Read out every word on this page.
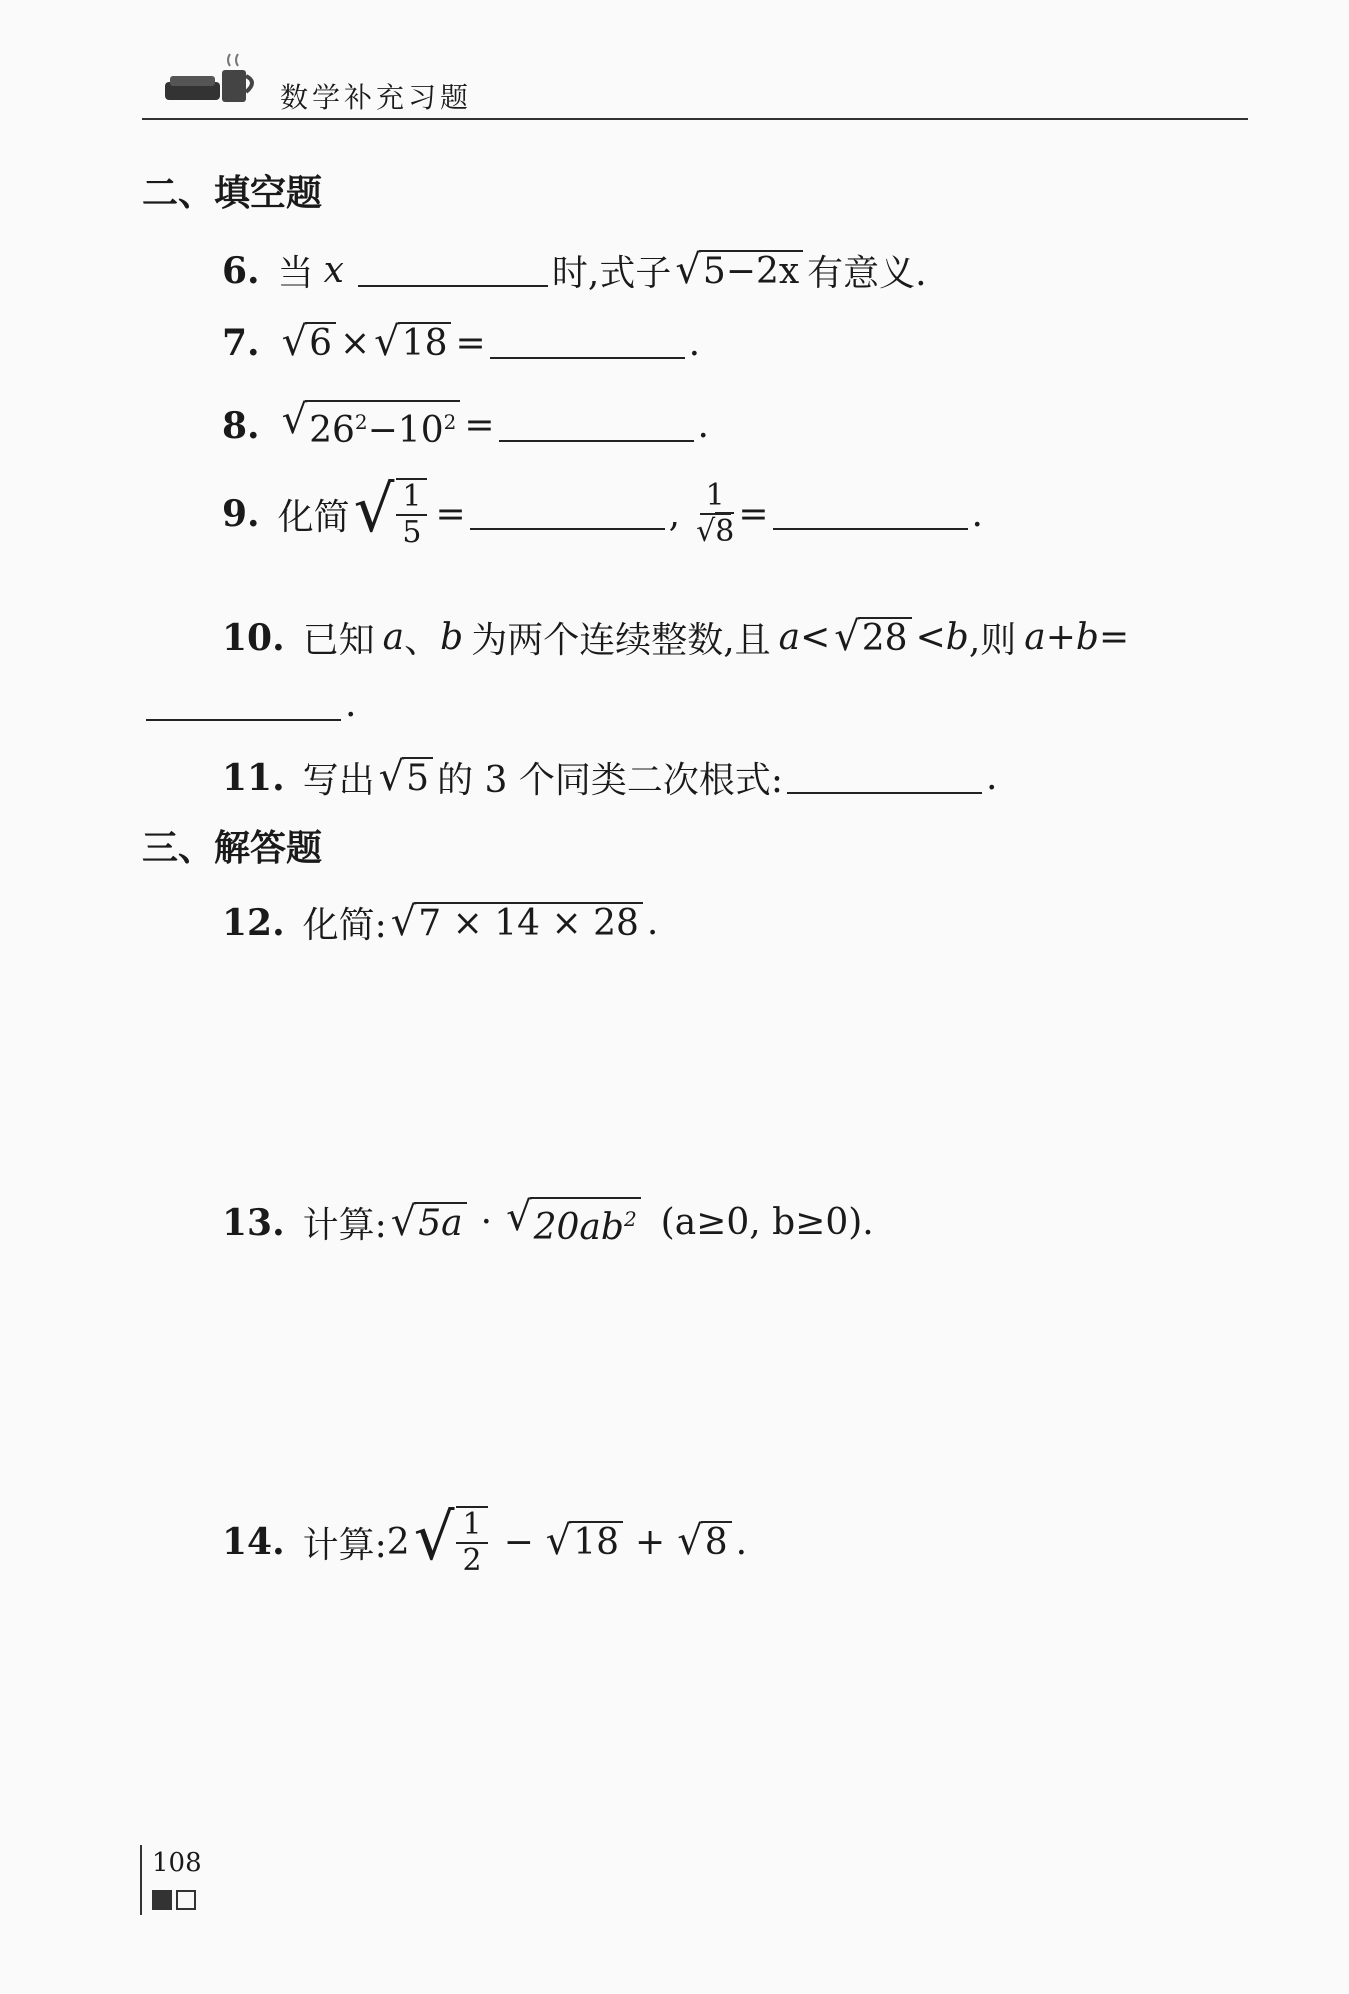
数学补充习题
二、填空题
6. 当 x	时,式子 √ 5−2x 有意义.
7. √ 6 × √ 18 =	.
8. √ $26^2-10^2$ =	.
9. 化简 √ $\frac{1}{5}$ =	, $\frac{1}{√8}$ =	.
10. 已知 a 、 b 为两个连续整数,且 a < √ 28 < b ,则 a+b=
.
11. 写出 √ 5 的 3 个同类二次根式:	.
三、解答题
12. 化简: √ 7 × 14 × 28 .
13. 计算: √ 5a · √ $20ab^2$ (a≥0, b≥0).
14. 计算: 2 √ $\frac{1}{2}$ − √ 18 + √ 8 .
108
